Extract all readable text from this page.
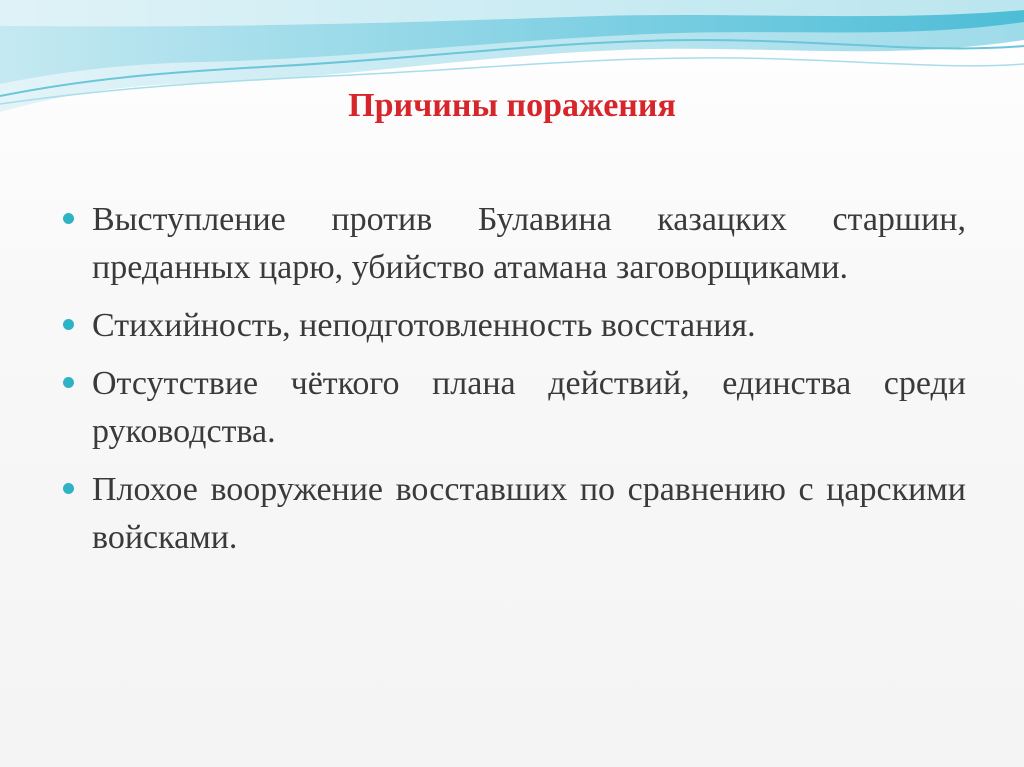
Причины поражения
Выступление против Булавина казацких старшин, преданных царю, убийство атамана заговорщиками.
Стихийность, неподготовленность восстания.
Отсутствие чёткого плана действий, единства среди руководства.
Плохое вооружение восставших по сравнению с царскими войсками.
